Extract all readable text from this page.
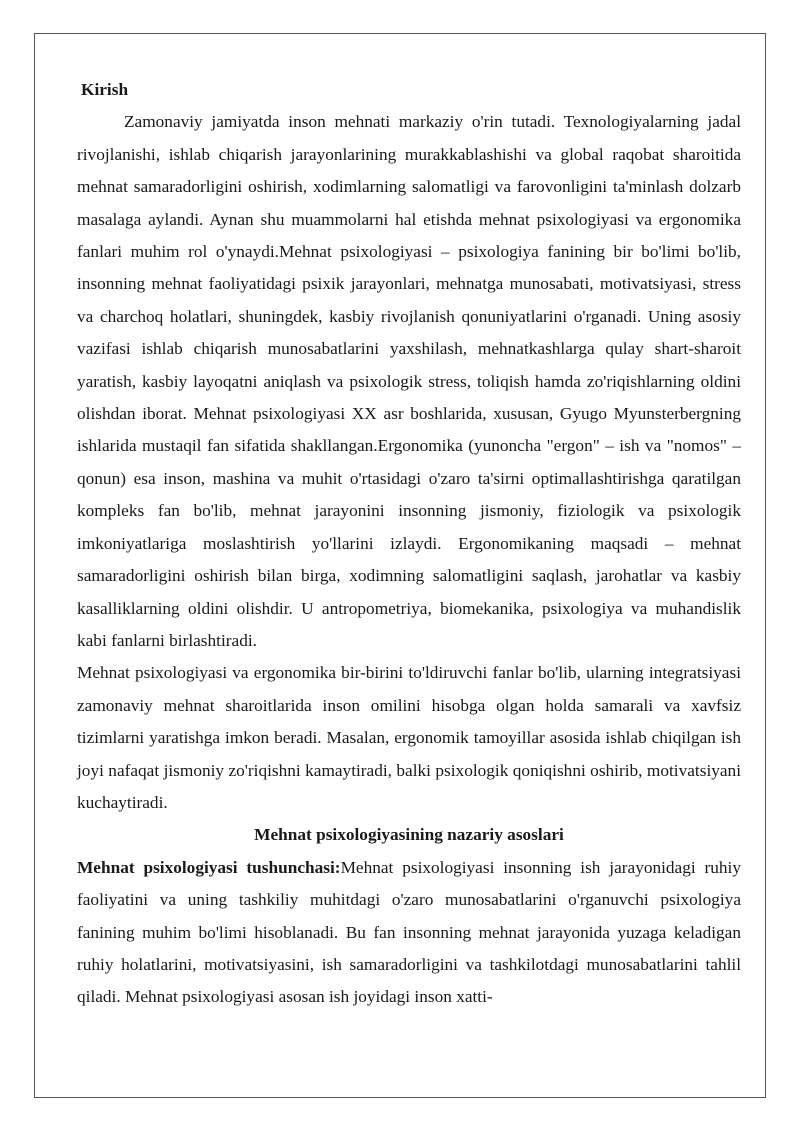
Kirish

Zamonaviy jamiyatda inson mehnati markaziy o'rin tutadi. Texnologiyalarning jadal rivojlanishi, ishlab chiqarish jarayonlarining murakkablashishi va global raqobat sharoitida mehnat samaradorligini oshirish, xodimlarning salomatligi va farovonligini ta'minlash dolzarb masalaga aylandi. Aynan shu muammolarni hal etishda mehnat psixologiyasi va ergonomika fanlari muhim rol o'ynaydi.Mehnat psixologiyasi – psixologiya fanining bir bo'limi bo'lib, insonning mehnat faoliyatidagi psixik jarayonlari, mehnatga munosabati, motivatsiyasi, stress va charchoq holatlari, shuningdek, kasbiy rivojlanish qonuniyatlarini o'rganadi. Uning asosiy vazifasi ishlab chiqarish munosabatlarini yaxshilash, mehnatkashlarga qulay shart-sharoit yaratish, kasbiy layoqatni aniqlash va psixologik stress, toliqish hamda zo'riqishlarning oldini olishdan iborat. Mehnat psixologiyasi XX asr boshlarida, xususan, Gyugo Myunsterbergning ishlarida mustaqil fan sifatida shakllangan.Ergonomika (yunoncha "ergon" – ish va "nomos" – qonun) esa inson, mashina va muhit o'rtasidagi o'zaro ta'sirni optimallashtirishga qaratilgan kompleks fan bo'lib, mehnat jarayonini insonning jismoniy, fiziologik va psixologik imkoniyatlariga moslashtirish yo'llarini izlaydi. Ergonomikaning maqsadi – mehnat samaradorligini oshirish bilan birga, xodimning salomatligini saqlash, jarohatlar va kasbiy kasalliklarning oldini olishdir. U antropometriya, biomekanika, psixologiya va muhandislik kabi fanlarni birlashtiradi.

Mehnat psixologiyasi va ergonomika bir-birini to'ldiruvchi fanlar bo'lib, ularning integratsiyasi zamonaviy mehnat sharoitlarida inson omilini hisobga olgan holda samarali va xavfsiz tizimlarni yaratishga imkon beradi. Masalan, ergonomik tamoyillar asosida ishlab chiqilgan ish joyi nafaqat jismoniy zo'riqishni kamaytiradi, balki psixologik qoniqishni oshirib, motivatsiyani kuchaytiradi.

Mehnat psixologiyasining nazariy asoslari

Mehnat psixologiyasi tushunchasi:Mehnat psixologiyasi insonning ish jarayonidagi ruhiy faoliyatini va uning tashkiliy muhitdagi o'zaro munosabatlarini o'rganuvchi psixologiya fanining muhim bo'limi hisoblanadi. Bu fan insonning mehnat jarayonida yuzaga keladigan ruhiy holatlarini, motivatsiyasini, ish samaradorligini va tashkilotdagi munosabatlarini tahlil qiladi. Mehnat psixologiyasi asosan ish joyidagi inson xatti-
